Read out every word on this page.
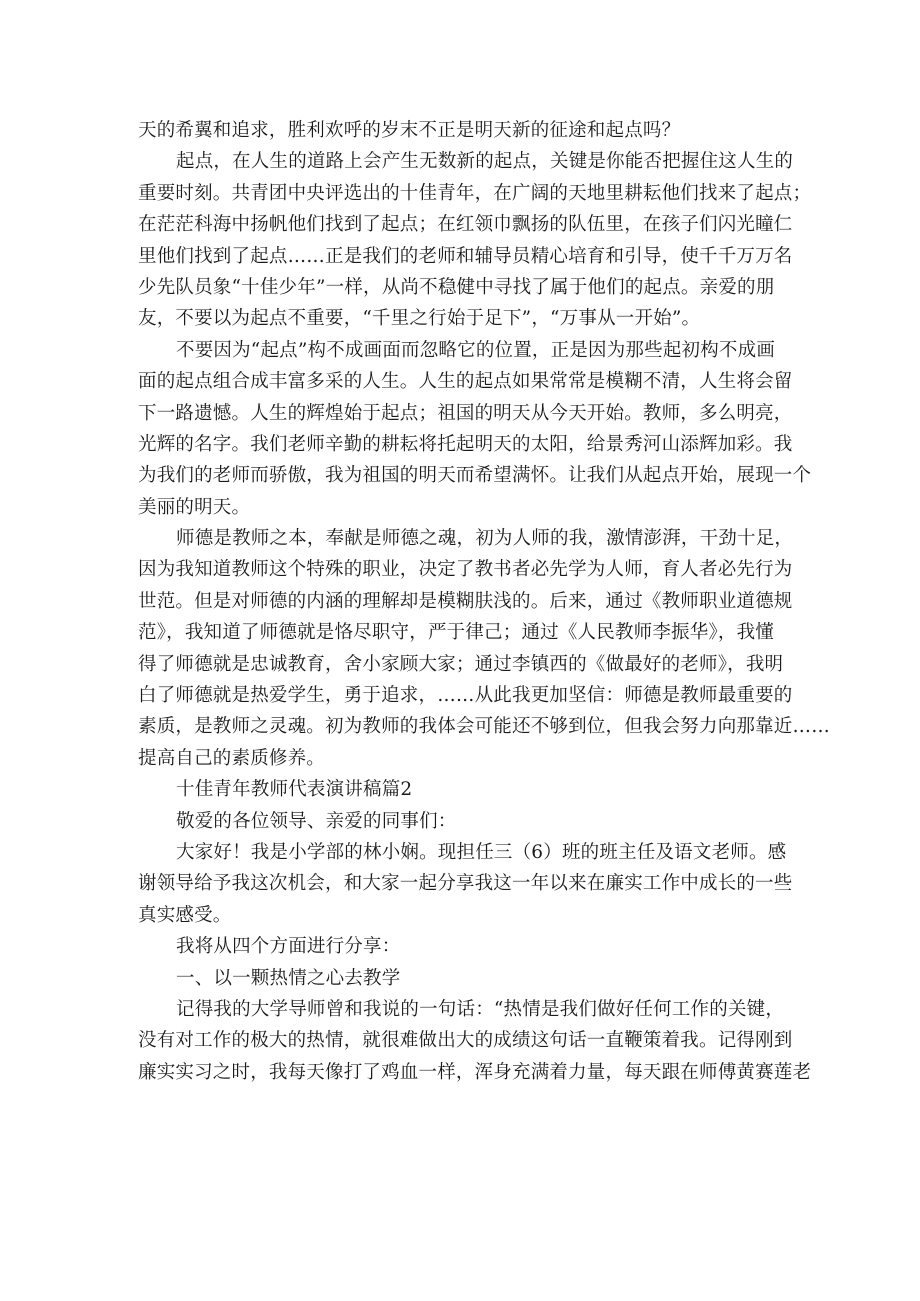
天的希翼和追求，胜利欢呼的岁末不正是明天新的征途和起点吗？
起点，在人生的道路上会产生无数新的起点，关键是你能否把握住这人生的
重要时刻。共青团中央评选出的十佳青年，在广阔的天地里耕耘他们找来了起点；
在茫茫科海中扬帆他们找到了起点；在红领巾飘扬的队伍里，在孩子们闪光瞳仁
里他们找到了起点……正是我们的老师和辅导员精心培育和引导，使千千万万名
少先队员象“十佳少年”一样，从尚不稳健中寻找了属于他们的起点。亲爱的朋
友，不要以为起点不重要，“千里之行始于足下”，“万事从一开始”。
不要因为“起点”构不成画面而忽略它的位置，正是因为那些起初构不成画
面的起点组合成丰富多采的人生。人生的起点如果常常是模糊不清，人生将会留
下一路遗憾。人生的辉煌始于起点；祖国的明天从今天开始。教师，多么明亮，
光辉的名字。我们老师辛勤的耕耘将托起明天的太阳，给景秀河山添辉加彩。我
为我们的老师而骄傲，我为祖国的明天而希望满怀。让我们从起点开始，展现一个
美丽的明天。
师德是教师之本，奉献是师德之魂，初为人师的我，激情澎湃，干劲十足，
因为我知道教师这个特殊的职业，决定了教书者必先学为人师，育人者必先行为
世范。但是对师德的内涵的理解却是模糊肤浅的。后来，通过《教师职业道德规
范》，我知道了师德就是恪尽职守，严于律己；通过《人民教师李振华》，我懂
得了师德就是忠诚教育，舍小家顾大家；通过李镇西的《做最好的老师》，我明
白了师德就是热爱学生，勇于追求，……从此我更加坚信：师德是教师最重要的
素质，是教师之灵魂。初为教师的我体会可能还不够到位，但我会努力向那靠近……
提高自己的素质修养。
十佳青年教师代表演讲稿篇2
敬爱的各位领导、亲爱的同事们：
大家好！我是小学部的林小娴。现担任三（6）班的班主任及语文老师。感
谢领导给予我这次机会，和大家一起分享我这一年以来在廉实工作中成长的一些
真实感受。
我将从四个方面进行分享：
一、以一颗热情之心去教学
记得我的大学导师曾和我说的一句话：“热情是我们做好任何工作的关键，
没有对工作的极大的热情，就很难做出大的成绩这句话一直鞭策着我。记得刚到
廉实实习之时，我每天像打了鸡血一样，浑身充满着力量，每天跟在师傅黄赛莲老
